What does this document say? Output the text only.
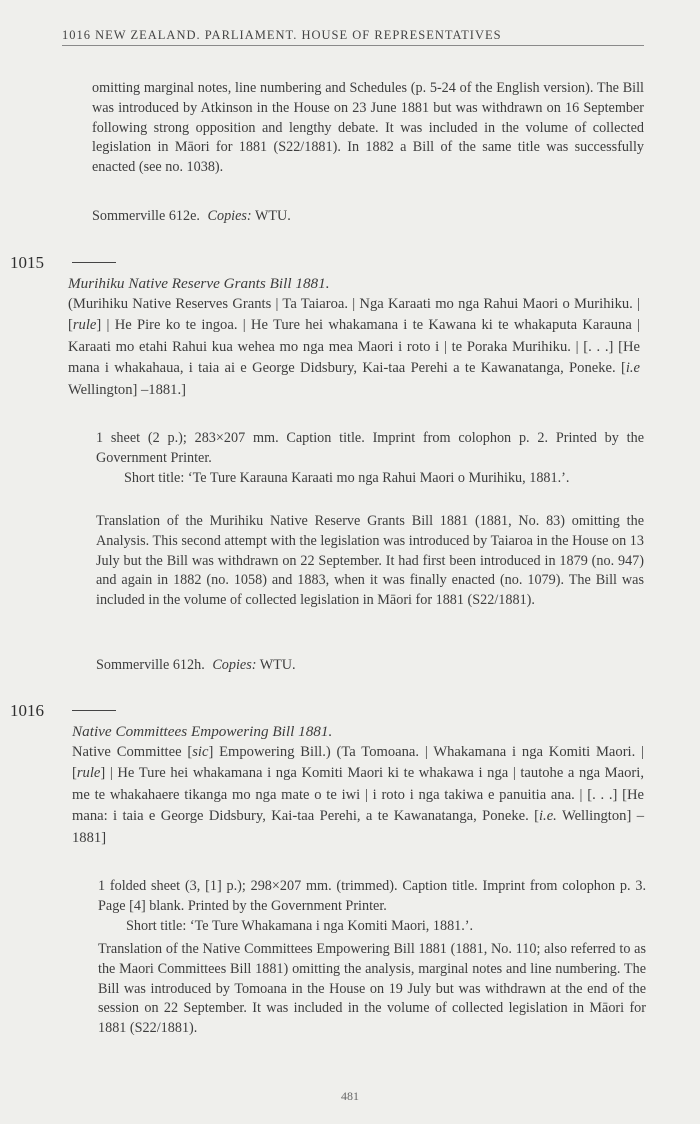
1016 NEW ZEALAND. PARLIAMENT. HOUSE OF REPRESENTATIVES

omitting marginal notes, line numbering and Schedules (p. 5-24 of the English version). The Bill was introduced by Atkinson in the House on 23 June 1881 but was withdrawn on 16 September following strong opposition and lengthy debate. It was included in the volume of collected legislation in Māori for 1881 (S22/1881). In 1882 a Bill of the same title was successfully enacted (see no. 1038).

Sommerville 612e. Copies: WTU.
1015
Murihiku Native Reserve Grants Bill 1881.
(Murihiku Native Reserves Grants | Ta Taiaroa. | Nga Karaati mo nga Rahui Maori o Murihiku. | [rule] | He Pire ko te ingoa. | He Ture hei whakamana i te Kawana ki te whakaputa Karauna | Karaati mo etahi Rahui kua wehea mo nga mea Maori i roto i | te Poraka Murihiku. | [. . .] [He mana i whakahaua, i taia ai e George Didsbury, Kai-taa Perehi a te Kawanatanga, Poneke. [i.e Wellington] –1881.]

1 sheet (2 p.); 283×207 mm. Caption title. Imprint from colophon p. 2. Printed by the Government Printer.

Short title: ‘Te Ture Karauna Karaati mo nga Rahui Maori o Murihiku, 1881.’.

Translation of the Murihiku Native Reserve Grants Bill 1881 (1881, No. 83) omitting the Analysis. This second attempt with the legislation was introduced by Taiaroa in the House on 13 July but the Bill was withdrawn on 22 September. It had first been introduced in 1879 (no. 947) and again in 1882 (no. 1058) and 1883, when it was finally enacted (no. 1079). The Bill was included in the volume of collected legislation in Māori for 1881 (S22/1881).

Sommerville 612h. Copies: WTU.
1016
Native Committees Empowering Bill 1881.
Native Committee [sic] Empowering Bill.) (Ta Tomoana. | Whakamana i nga Komiti Maori. | [rule] | He Ture hei whakamana i nga Komiti Maori ki te whakawa i nga | tautohe a nga Maori, me te whakahaere tikanga mo nga mate o te iwi | i roto i nga takiwa e panuitia ana. | [. . .] [He mana: i taia e George Didsbury, Kai-taa Perehi, a te Kawanatanga, Poneke. [i.e. Wellington] –1881]

1 folded sheet (3, [1] p.); 298×207 mm. (trimmed). Caption title. Imprint from colophon p. 3. Page [4] blank. Printed by the Government Printer.

Short title: ‘Te Ture Whakamana i nga Komiti Maori, 1881.’.

Translation of the Native Committees Empowering Bill 1881 (1881, No. 110; also referred to as the Maori Committees Bill 1881) omitting the analysis, marginal notes and line numbering. The Bill was introduced by Tomoana in the House on 19 July but was withdrawn at the end of the session on 22 September. It was included in the volume of collected legislation in Māori for 1881 (S22/1881).

481
